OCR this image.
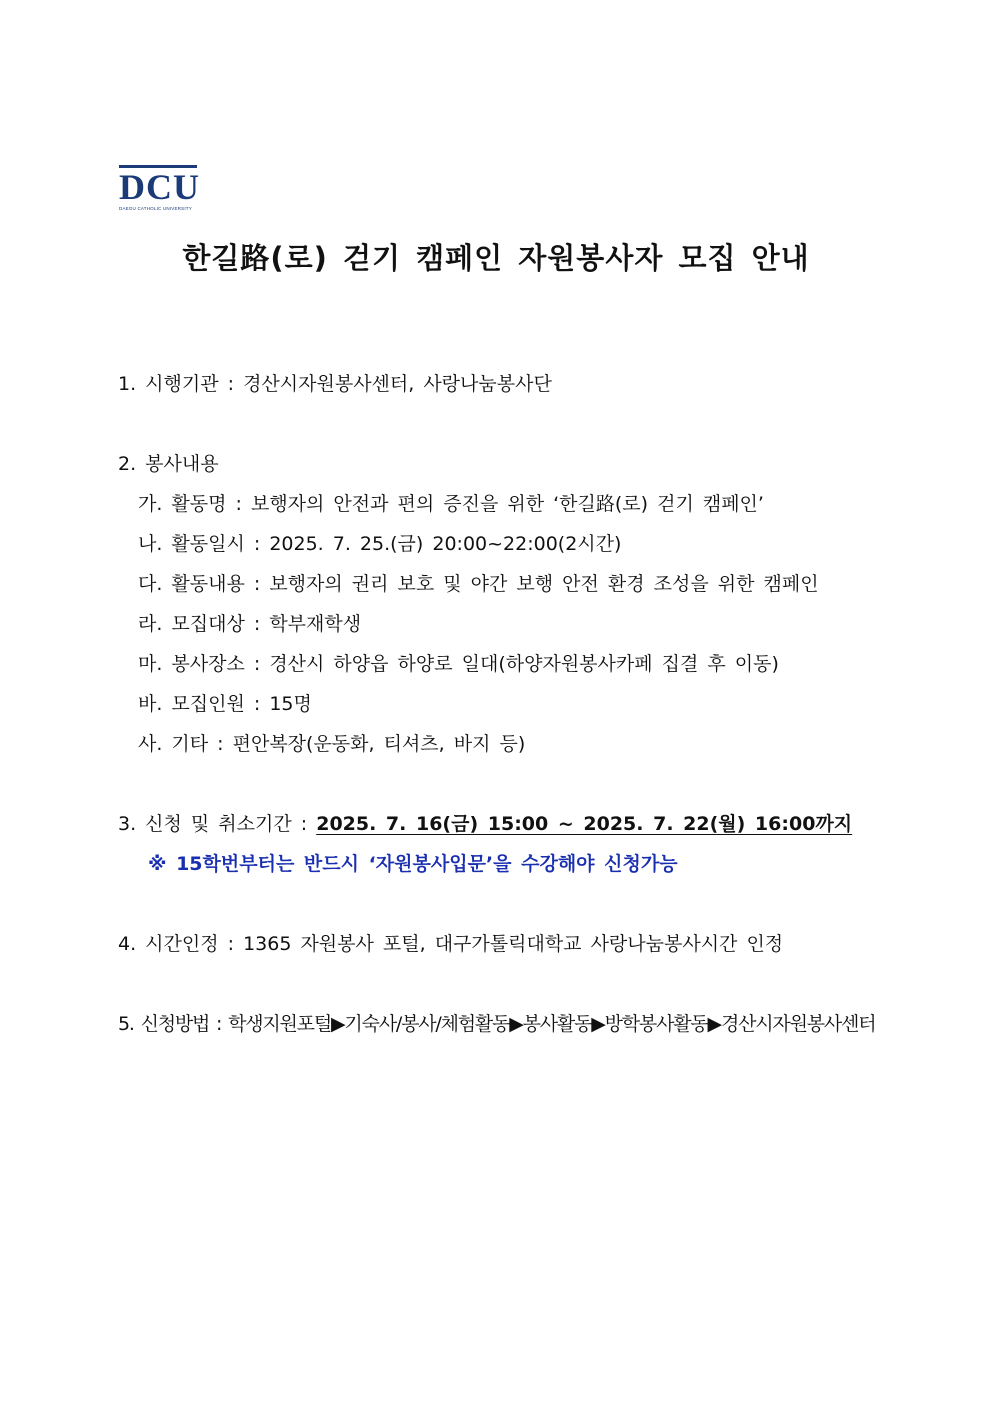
DCU
DAEGU CATHOLIC UNIVERSITY
한길路(로) 걷기 캠페인 자원봉사자 모집 안내
1. 시행기관 : 경산시자원봉사센터, 사랑나눔봉사단
2. 봉사내용
가. 활동명 : 보행자의 안전과 편의 증진을 위한 ‘한길路(로) 걷기 캠페인’
나. 활동일시 : 2025. 7. 25.(금) 20:00~22:00(2시간)
다. 활동내용 : 보행자의 권리 보호 및 야간 보행 안전 환경 조성을 위한 캠페인
라. 모집대상 : 학부재학생
마. 봉사장소 : 경산시 하양읍 하양로 일대(하양자원봉사카페 집결 후 이동)
바. 모집인원 : 15명
사. 기타 : 편안복장(운동화, 티셔츠, 바지 등)
3. 신청 및 취소기간 : 2025. 7. 16(금) 15:00 ~ 2025. 7. 22(월) 16:00까지
※ 15학번부터는 반드시 ‘자원봉사입문’을 수강해야 신청가능
4. 시간인정 : 1365 자원봉사 포털, 대구가톨릭대학교 사랑나눔봉사시간 인정
5. 신청방법 : 학생지원포털▶기숙사/봉사/체험활동▶봉사활동▶방학봉사활동▶경산시자원봉사센터
